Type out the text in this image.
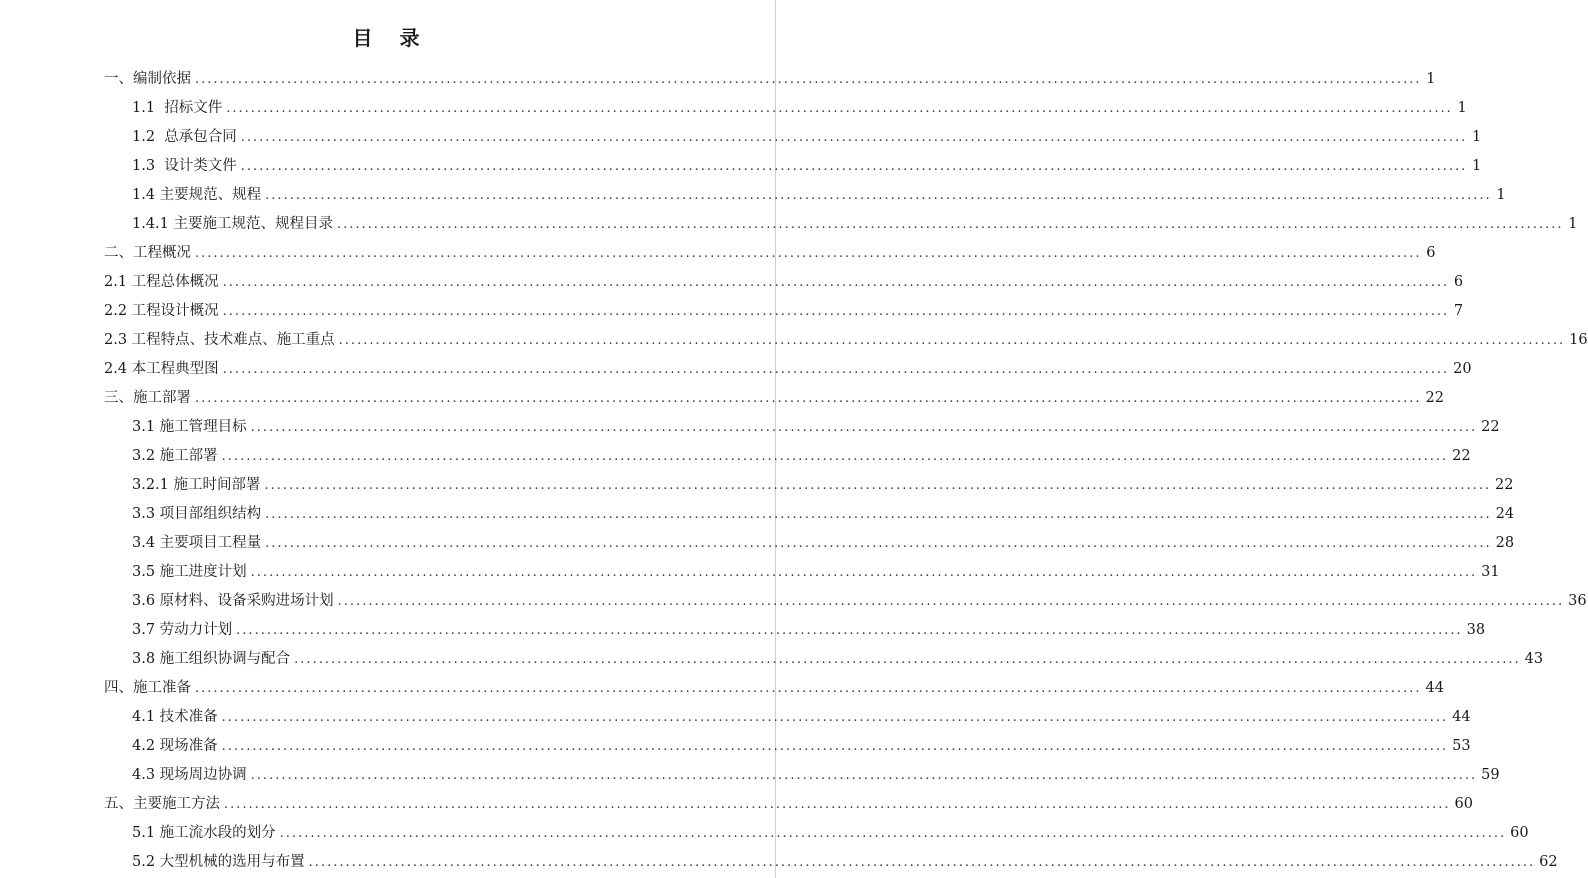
目 录
一、编制依据 ........................................................................................................................................................................................................ 1
1.1  招标文件 ........................................................................................................................................................................................................ 1
1.2  总承包合同 ........................................................................................................................................................................................................ 1
1.3  设计类文件 ........................................................................................................................................................................................................ 1
1.4 主要规范、规程 ........................................................................................................................................................................................................ 1
1.4.1 主要施工规范、规程目录 ........................................................................................................................................................................................................ 1
二、工程概况 ........................................................................................................................................................................................................ 6
2.1 工程总体概况 ........................................................................................................................................................................................................ 6
2.2 工程设计概况 ........................................................................................................................................................................................................ 7
2.3 工程特点、技术难点、施工重点 ........................................................................................................................................................................................................ 16
2.4 本工程典型图 ........................................................................................................................................................................................................ 20
三、施工部署 ........................................................................................................................................................................................................ 22
3.1 施工管理目标 ........................................................................................................................................................................................................ 22
3.2 施工部署 ........................................................................................................................................................................................................ 22
3.2.1 施工时间部署 ........................................................................................................................................................................................................ 22
3.3 项目部组织结构 ........................................................................................................................................................................................................ 24
3.4 主要项目工程量 ........................................................................................................................................................................................................ 28
3.5 施工进度计划 ........................................................................................................................................................................................................ 31
3.6 原材料、设备采购进场计划 ........................................................................................................................................................................................................ 36
3.7 劳动力计划 ........................................................................................................................................................................................................ 38
3.8 施工组织协调与配合 ........................................................................................................................................................................................................ 43
四、施工准备 ........................................................................................................................................................................................................ 44
4.1 技术准备 ........................................................................................................................................................................................................ 44
4.2 现场准备 ........................................................................................................................................................................................................ 53
4.3 现场周边协调 ........................................................................................................................................................................................................ 59
五、主要施工方法 ........................................................................................................................................................................................................ 60
5.1 施工流水段的划分 ........................................................................................................................................................................................................ 60
5.2 大型机械的选用与布置 ........................................................................................................................................................................................................ 62
